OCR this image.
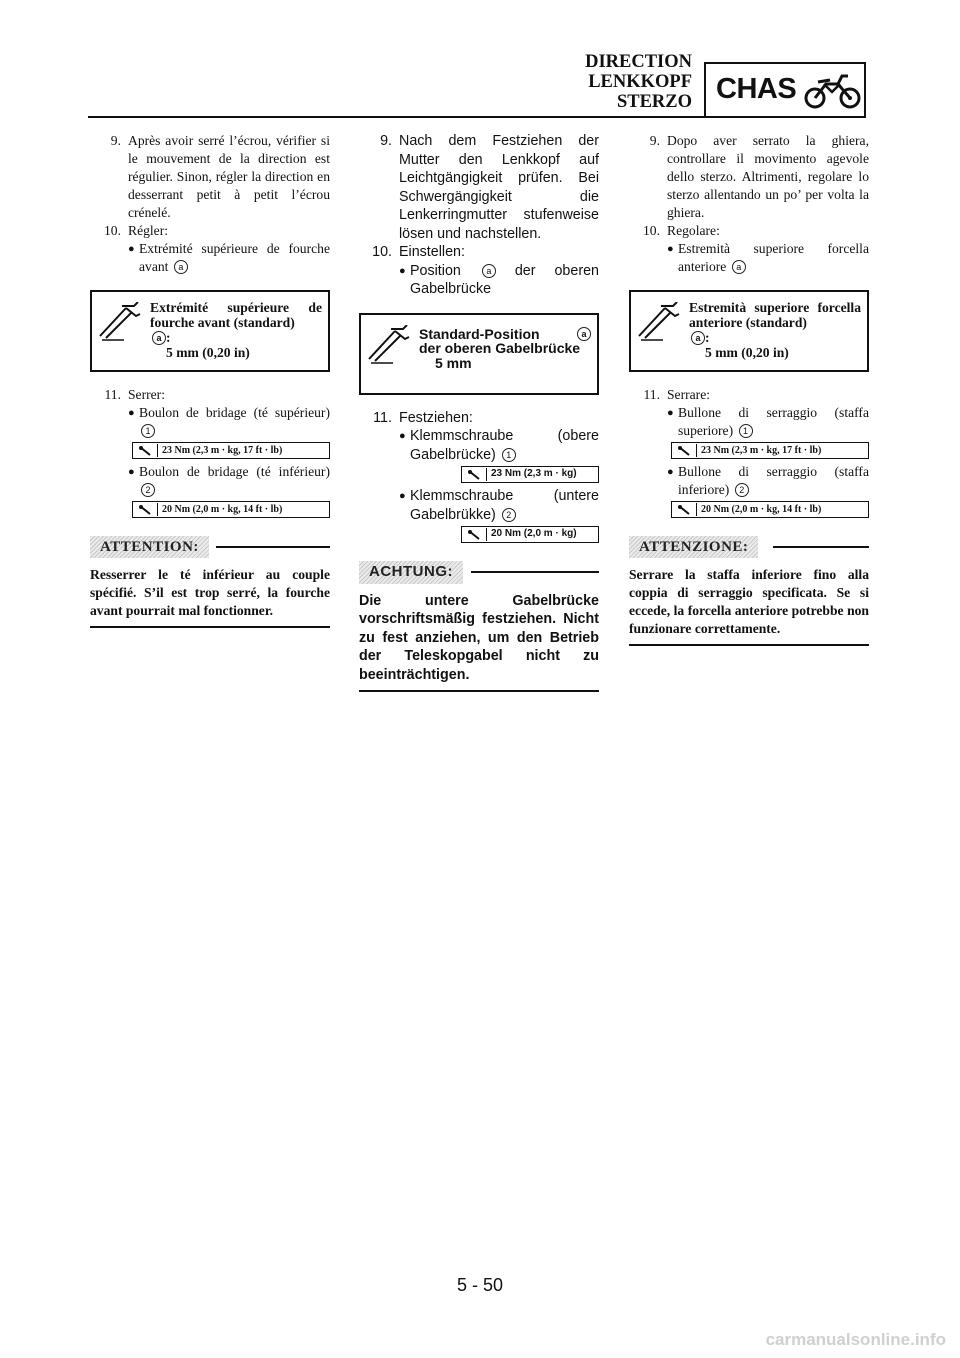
DIRECTION
LENKKOPF
STERZO CHAS
9. Après avoir serré l’écrou, vérifier si le mouvement de la direction est régulier. Sinon, régler la direction en desserrant petit à petit l’écrou crénelé.
10. Régler:
● Extrémité supérieure de fourche avant a
Extrémité supérieure de fourche avant (standard)
a :
5 mm (0,20 in)
11. Serrer:
● Boulon de bridage (té supérieur) 1
23 Nm (2,3 m · kg, 17 ft · lb)
● Boulon de bridage (té inférieur) 2
20 Nm (2,0 m · kg, 14 ft · lb)
ATTENTION:
Resserrer le té inférieur au couple spécifié. S’il est trop serré, la fourche avant pourrait mal fonctionner.
9. Nach dem Festziehen der Mutter den Lenkkopf auf Leichtgängigkeit prüfen. Bei Schwergängigkeit die Lenkerringmutter stufenweise lösen und nachstellen.
10. Einstellen:
● Position	a der oberen Gabelbrücke
Standard-Position	a
der oberen Gabelbrücke
5 mm
11. Festziehen:
● Klemmschraube (obere Gabelbrücke) 1
23 Nm (2,3 m · kg)
● Klemmschraube (untere Gabelbrükke) 2
20 Nm (2,0 m · kg)
ACHTUNG:
Die untere Gabelbrücke vorschriftsmäßig festziehen. Nicht zu fest anziehen, um den Betrieb der Teleskopgabel nicht zu beeinträchtigen.
9. Dopo aver serrato la ghiera, controllare il movimento agevole dello sterzo. Altrimenti, regolare lo sterzo allentando un po’ per volta la ghiera.
10. Regolare:
● Estremità superiore forcella anteriore a
Estremità superiore forcella anteriore (standard)
a :
5 mm (0,20 in)
11. Serrare:
● Bullone di serraggio (staffa superiore) 1
23 Nm (2,3 m · kg, 17 ft · lb)
● Bullone di serraggio (staffa inferiore) 2
20 Nm (2,0 m · kg, 14 ft · lb)
ATTENZIONE:
Serrare la staffa inferiore fino alla coppia di serraggio specificata. Se si eccede, la forcella anteriore potrebbe non funzionare correttamente.
5 - 50
carmanualsonline.info
